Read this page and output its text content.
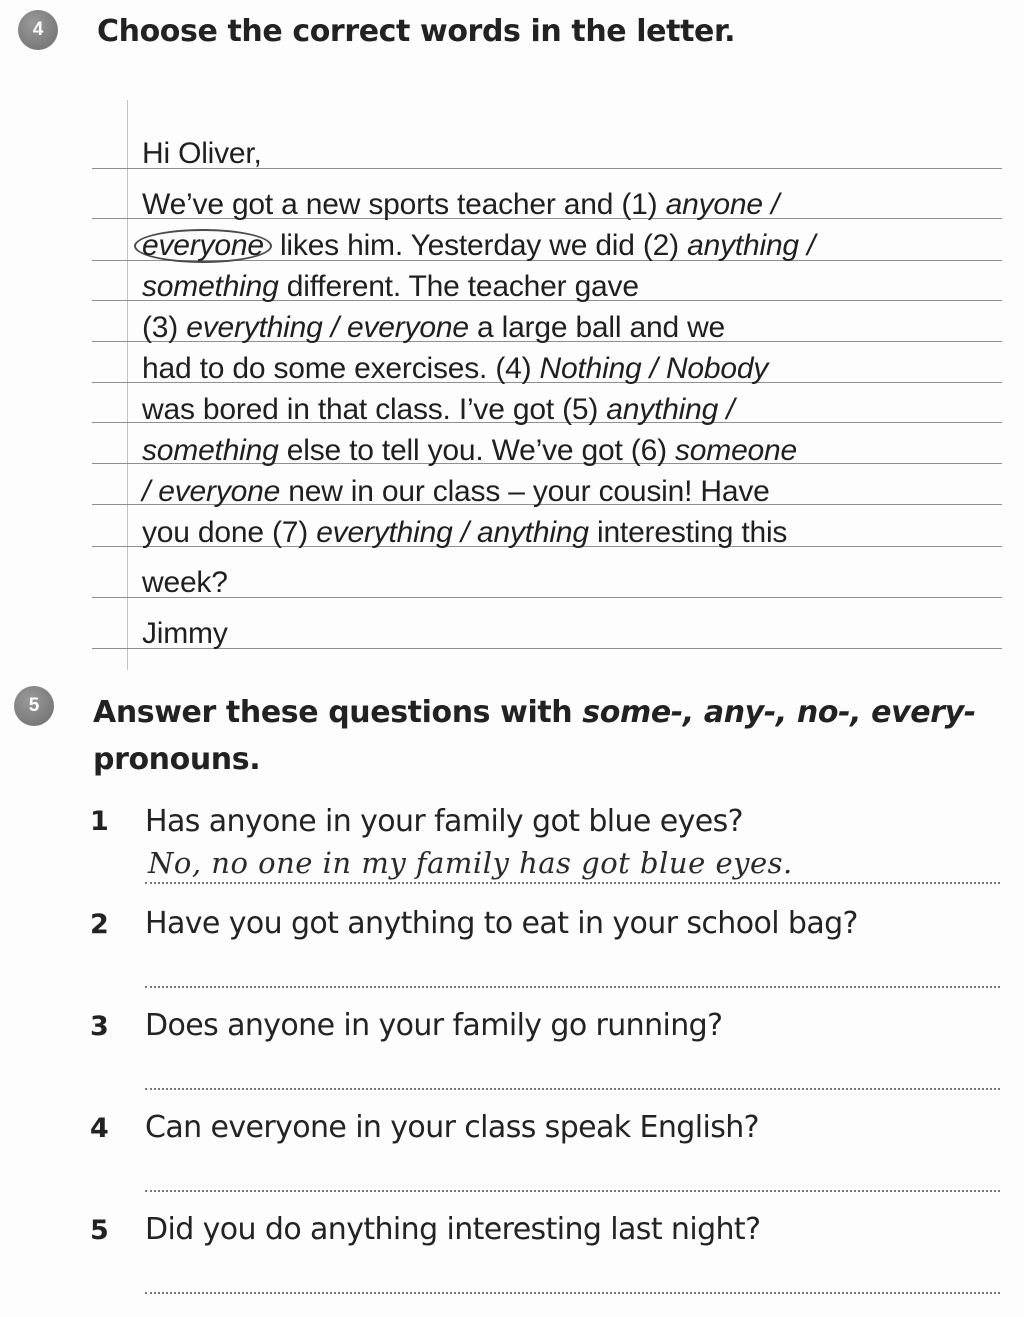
4 Choose the correct words in the letter.
Hi Oliver,
We’ve got a new sports teacher and (1) anyone /
everyone likes him. Yesterday we did (2) anything /
something different. The teacher gave
(3) everything / everyone a large ball and we
had to do some exercises. (4) Nothing / Nobody
was bored in that class. I’ve got (5) anything /
something else to tell you. We’ve got (6) someone
/ everyone new in our class – your cousin! Have
you done (7) everything / anything interesting this
week?
Jimmy
5 Answer these questions with some-, any-, no-, every-
pronouns.
1 Has anyone in your family got blue eyes?
No, no one in my family has got blue eyes.
2 Have you got anything to eat in your school bag?
3 Does anyone in your family go running?
4 Can everyone in your class speak English?
5 Did you do anything interesting last night?
